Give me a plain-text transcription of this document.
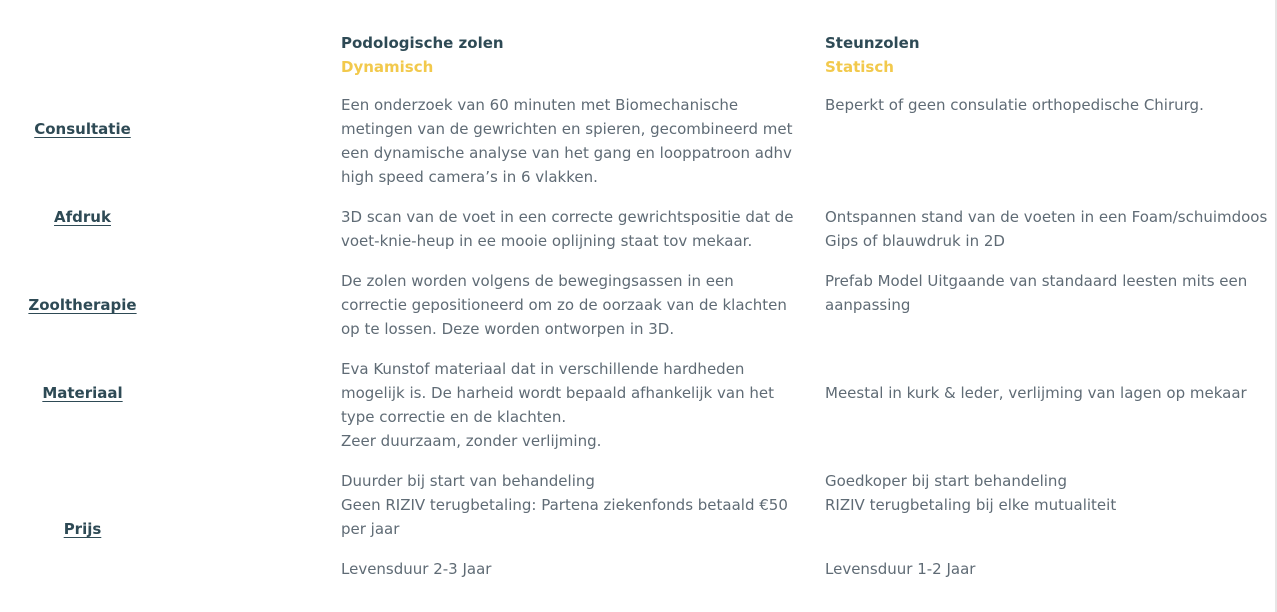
Podologische zolen
Dynamisch
Steunzolen
Statisch
Consultatie
Een onderzoek van 60 minuten met Biomechanische
metingen van de gewrichten en spieren, gecombineerd met
een dynamische analyse van het gang en looppatroon adhv
high speed camera’s in 6 vlakken.
Beperkt of geen consulatie orthopedische Chirurg.
Afdruk	3D scan van de voet in een correcte gewrichtspositie dat de
voet-knie-heup in ee mooie oplijning staat tov mekaar.
Ontspannen stand van de voeten in een Foam/schuimdoos
Gips of blauwdruk in 2D
Zooltherapie
De zolen worden volgens de bewegingsassen in een
correctie gepositioneerd om zo de oorzaak van de klachten
op te lossen. Deze worden ontworpen in 3D.
Prefab Model Uitgaande van standaard leesten mits een
aanpassing
Materiaal
Eva Kunstof materiaal dat in verschillende hardheden
mogelijk is. De harheid wordt bepaald afhankelijk van het
type correctie en de klachten.
Zeer duurzaam, zonder verlijming.
Meestal in kurk & leder, verlijming van lagen op mekaar
Prijs
Duurder bij start van behandeling
Geen RIZIV terugbetaling: Partena ziekenfonds betaald €50
per jaar
Levensduur 2-3 Jaar
Goedkoper bij start behandeling
RIZIV terugbetaling bij elke mutualiteit
Levensduur 1-2 Jaar
